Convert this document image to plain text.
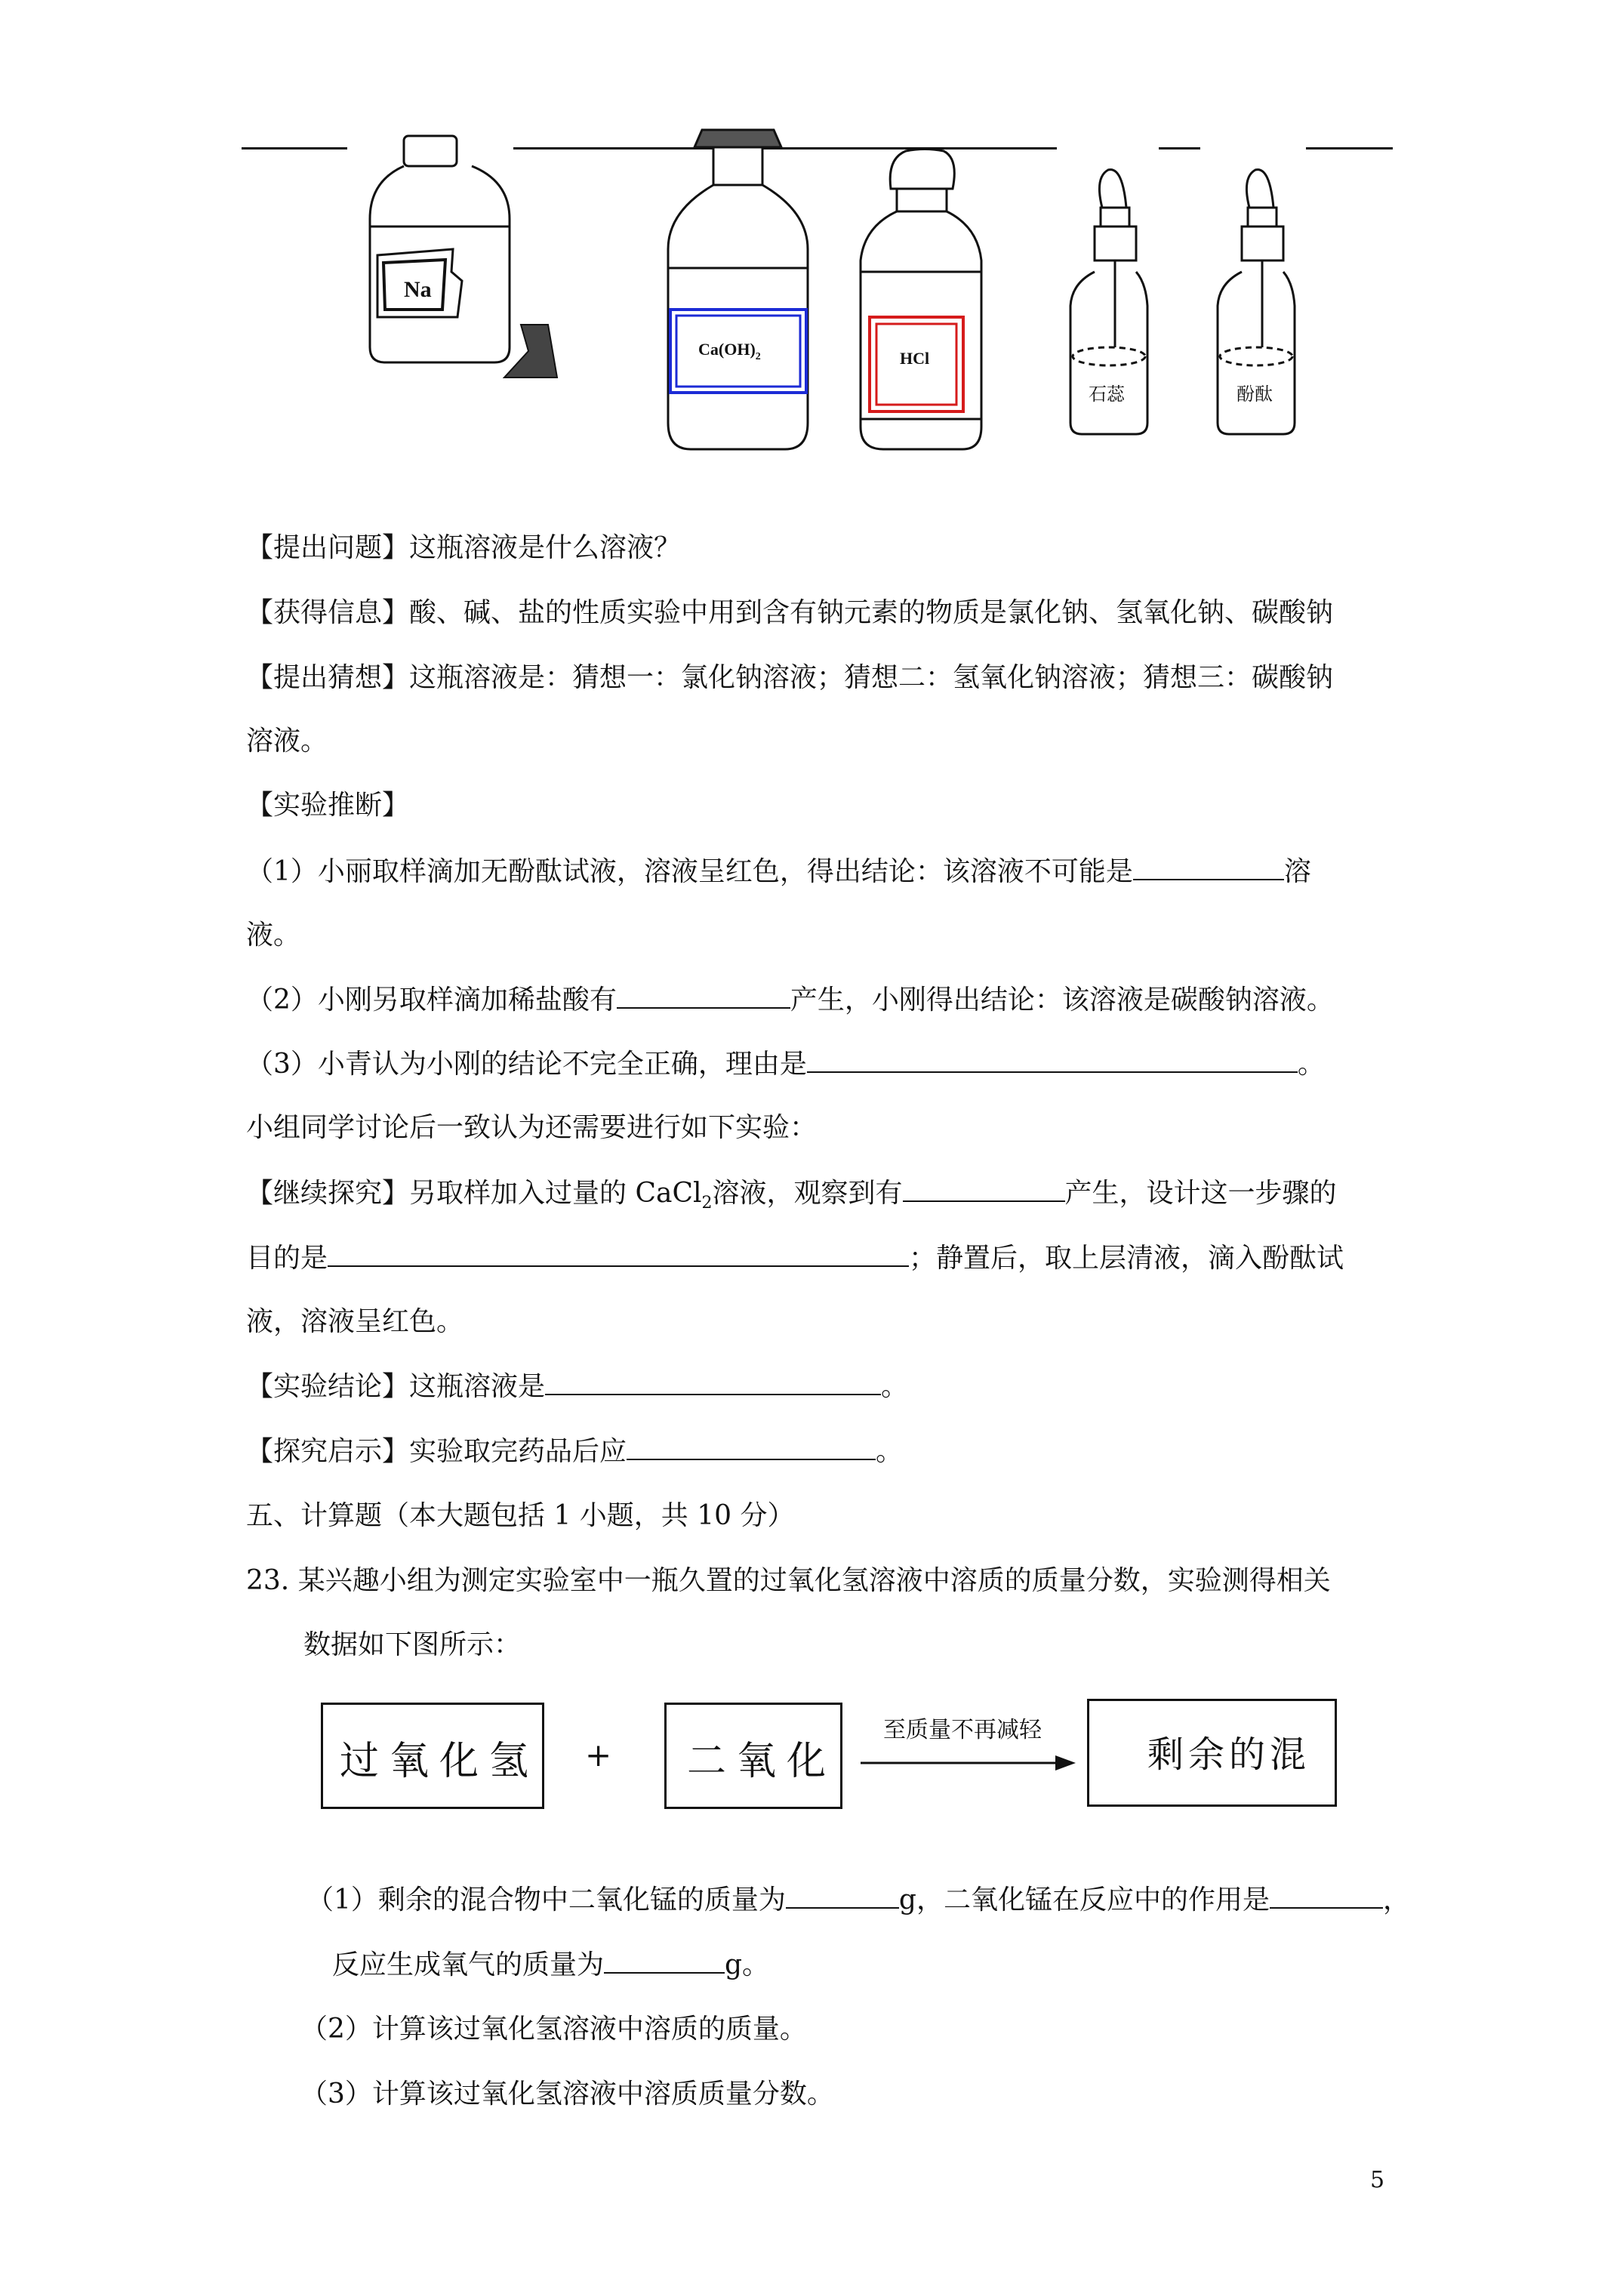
Na
$Ca(OH)_2$	HCl
石蕊	酚酞
【提出问题】这瓶溶液是什么溶液？
【获得信息】酸、碱、盐的性质实验中用到含有钠元素的物质是氯化钠、氢氧化钠、碳酸钠
【提出猜想】这瓶溶液是：猜想一：氯化钠溶液；猜想二：氢氧化钠溶液；猜想三：碳酸钠
溶液。
【实验推断】
（1）小丽取样滴加无酚酞试液，溶液呈红色，得出结论：该溶液不可能是	溶
液。
（2）小刚另取样滴加稀盐酸有	产生，小刚得出结论：该溶液是碳酸钠溶液。
（3）小青认为小刚的结论不完全正确，理由是	。
小组同学讨论后一致认为还需要进行如下实验：
【继续探究】另取样加入过量的 CaCl$_2$溶液，观察到有	产生，设计这一步骤的
目的是	；静置后，取上层清液，滴入酚酞试
液，溶液呈红色。
【实验结论】这瓶溶液是	。
【探究启示】实验取完药品后应	。
五、计算题（本大题包括 1 小题，共 10 分）
23. 某兴趣小组为测定实验室中一瓶久置的过氧化氢溶液中溶质的质量分数，实验测得相关
数据如下图所示：
过氧化氢 + 二氧化
至质量不再减轻
剩余的混
（1）剩余的混合物中二氧化锰的质量为	g，二氧化锰在反应中的作用是	，
反应生成氧气的质量为	g。
（2）计算该过氧化氢溶液中溶质的质量。
（3）计算该过氧化氢溶液中溶质质量分数。
5
